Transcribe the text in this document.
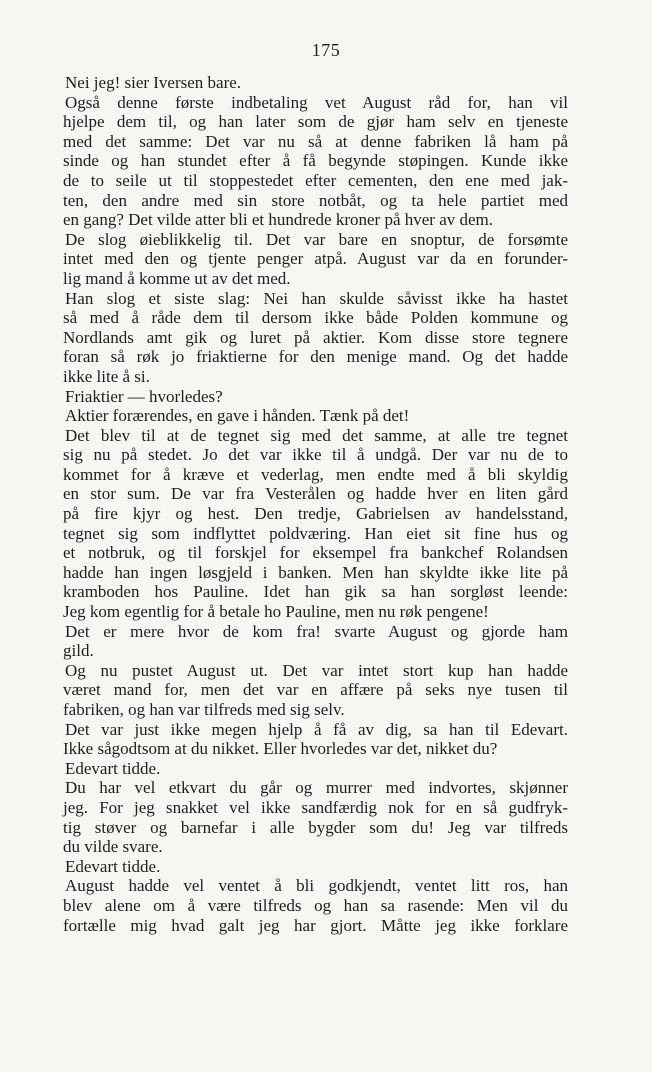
175
Nei jeg! sier Iversen bare.
Også denne første indbetaling vet August råd for, han vil
hjelpe dem til, og han later som de gjør ham selv en tjeneste
med det samme: Det var nu så at denne fabriken lå ham på
sinde og han stundet efter å få begynde støpingen. Kunde ikke
de to seile ut til stoppestedet efter cementen, den ene med jak-
ten, den andre med sin store notbåt, og ta hele partiet med
en gang? Det vilde atter bli et hundrede kroner på hver av dem.
De slog øieblikkelig til. Det var bare en snoptur, de forsømte
intet med den og tjente penger atpå. August var da en forunder-
lig mand å komme ut av det med.
Han slog et siste slag: Nei han skulde såvisst ikke ha hastet
så med å råde dem til dersom ikke både Polden kommune og
Nordlands amt gik og luret på aktier. Kom disse store tegnere
foran så røk jo friaktierne for den menige mand. Og det hadde
ikke lite å si.
Friaktier — hvorledes?
Aktier forærendes, en gave i hånden. Tænk på det!
Det blev til at de tegnet sig med det samme, at alle tre tegnet
sig nu på stedet. Jo det var ikke til å undgå. Der var nu de to
kommet for å kræve et vederlag, men endte med å bli skyldig
en stor sum. De var fra Vesterålen og hadde hver en liten gård
på fire kjyr og hest. Den tredje, Gabrielsen av handelsstand,
tegnet sig som indflyttet poldværing. Han eiet sit fine hus og
et notbruk, og til forskjel for eksempel fra bankchef Rolandsen
hadde han ingen løsgjeld i banken. Men han skyldte ikke lite på
kramboden hos Pauline. Idet han gik sa han sorgløst leende:
Jeg kom egentlig for å betale ho Pauline, men nu røk pengene!
Det er mere hvor de kom fra! svarte August og gjorde ham
gild.
Og nu pustet August ut. Det var intet stort kup han hadde
været mand for, men det var en affære på seks nye tusen til
fabriken, og han var tilfreds med sig selv.
Det var just ikke megen hjelp å få av dig, sa han til Edevart.
Ikke sågodtsom at du nikket. Eller hvorledes var det, nikket du?
Edevart tidde.
Du har vel etkvart du går og murrer med indvortes, skjønner
jeg. For jeg snakket vel ikke sandfærdig nok for en så gudfryk-
tig støver og barnefar i alle bygder som du! Jeg var tilfreds
du vilde svare.
Edevart tidde.
August hadde vel ventet å bli godkjendt, ventet litt ros, han
blev alene om å være tilfreds og han sa rasende: Men vil du
fortælle mig hvad galt jeg har gjort. Måtte jeg ikke forklare
